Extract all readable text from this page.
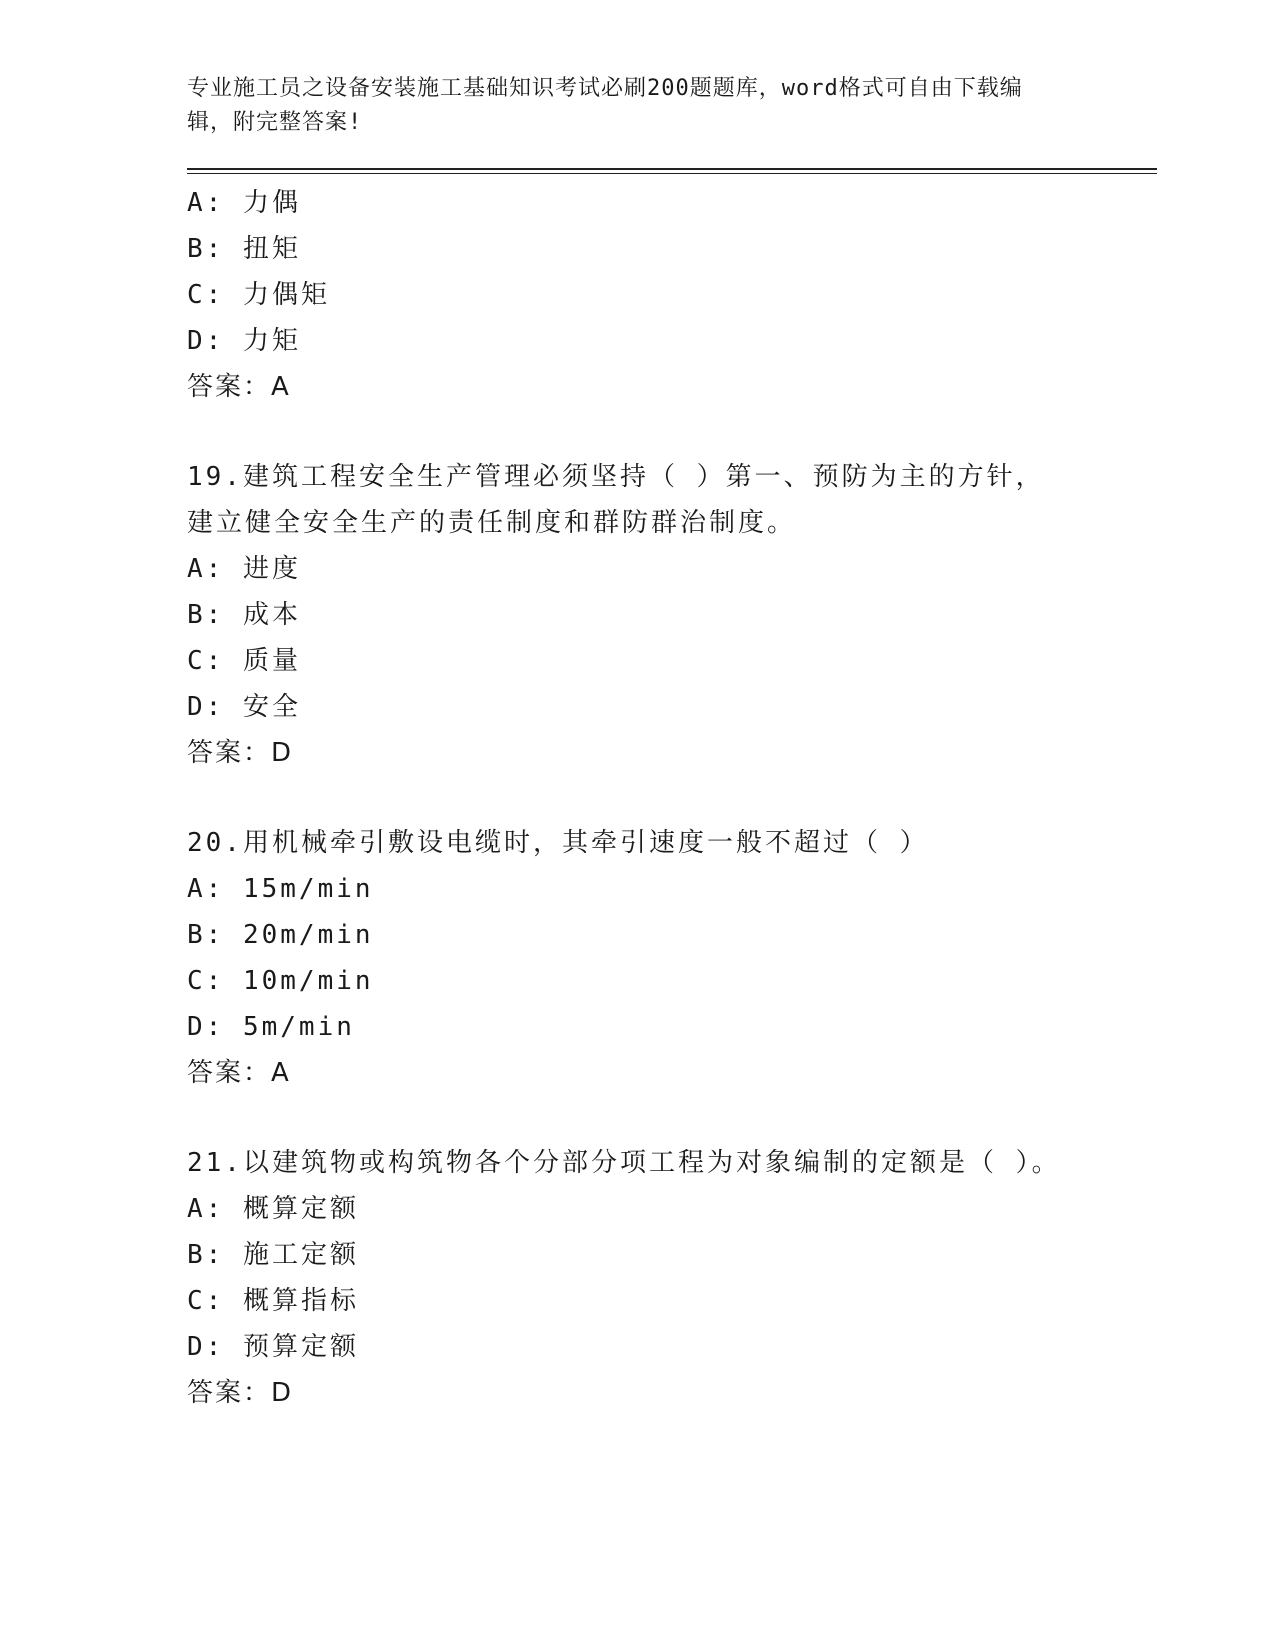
专业施工员之设备安装施工基础知识考试必刷200题题库，word格式可自由下载编辑，附完整答案!

A: 力偶

B: 扭矩

C: 力偶矩

D: 力矩

答案：A

19.建筑工程安全生产管理必须坚持（ ）第一、预防为主的方针，建立健全安全生产的责任制度和群防群治制度。

A: 进度

B: 成本

C: 质量

D: 安全

答案：D

20.用机械牵引敷设电缆时，其牵引速度一般不超过（ ）

A: 15m/min

B: 20m/min

C: 10m/min

D: 5m/min

答案：A

21.以建筑物或构筑物各个分部分项工程为对象编制的定额是（ ）。

A: 概算定额

B: 施工定额

C: 概算指标

D: 预算定额

答案：D
